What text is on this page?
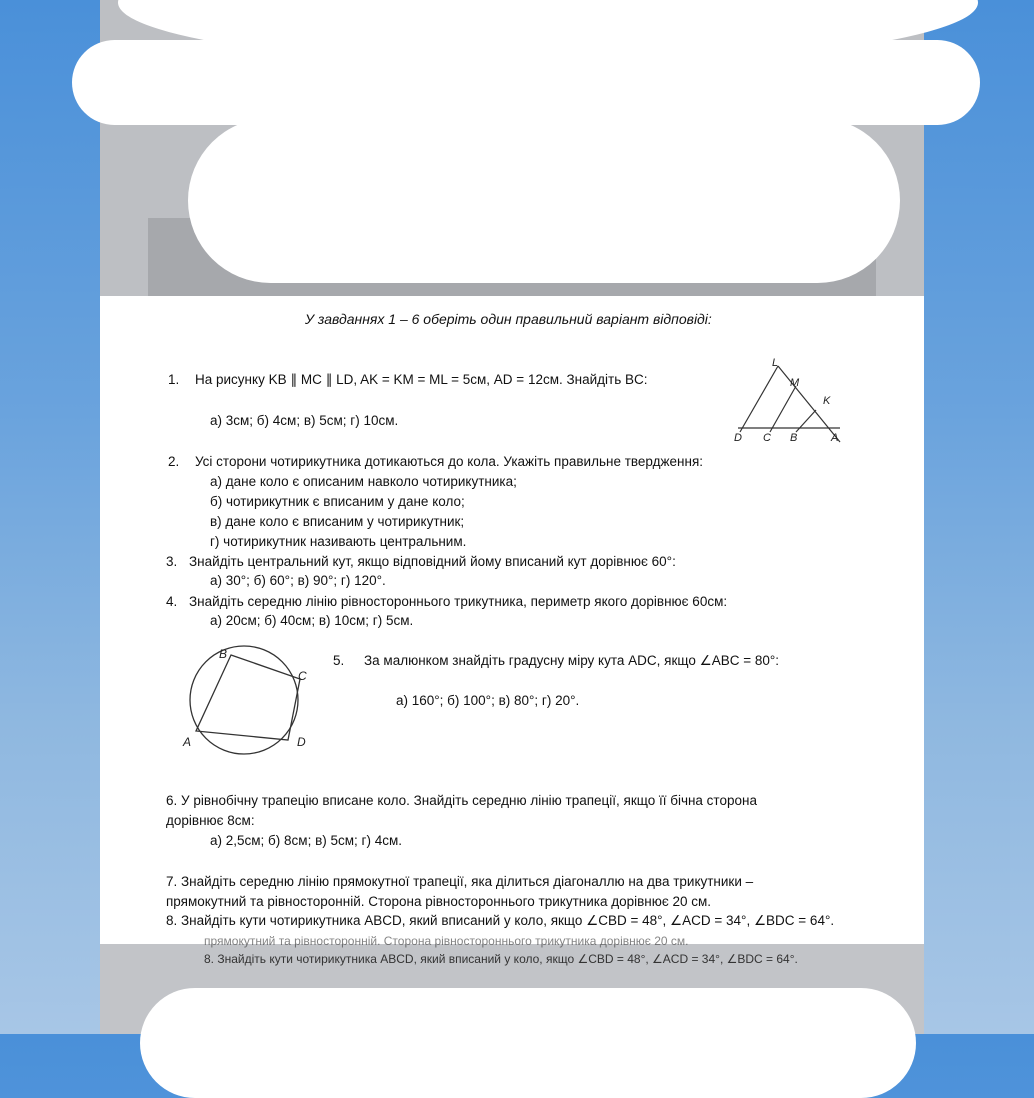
У завданнях 1 – 6 оберіть один правильний варіант відповіді:
1. На рисунку KB ∥ MC ∥ LD, AK = KM = ML = 5см, AD = 12см. Знайдіть BC:
а) 3см; б) 4см; в) 5см; г) 10см.
L
M
K
D C B	A
2. Усі сторони чотирикутника дотикаються до кола. Укажіть правильне твердження:
а) дане коло є описаним навколо чотирикутника;
б) чотирикутник є вписаним у дане коло;
в) дане коло є вписаним у чотирикутник;
г) чотирикутник називають центральним.
3. Знайдіть центральний кут, якщо відповідний йому вписаний кут дорівнює 60°:
а) 30°; б) 60°; в) 90°; г) 120°.
4. Знайдіть середню лінію рівностороннього трикутника, периметр якого дорівнює 60см:
а) 20см; б) 40см; в) 10см; г) 5см.
B
C
D
A
5. За малюнком знайдіть градусну міру кута ADC, якщо ∠ABC = 80°:
а) 160°; б) 100°; в) 80°; г) 20°.
6. У рівнобічну трапецію вписане коло. Знайдіть середню лінію трапеції, якщо її бічна сторона
дорівнює 8см:
а) 2,5см; б) 8см; в) 5см; г) 4см.
7. Знайдіть середню лінію прямокутної трапеції, яка ділиться діагоналлю на два трикутники –
прямокутний та рівносторонній. Сторона рівностороннього трикутника дорівнює 20 см.
8. Знайдіть кути чотирикутника ABCD, який вписаний у коло, якщо ∠CBD = 48°, ∠ACD = 34°, ∠BDC = 64°.
прямокутний та рівносторонній. Сторона рівностороннього трикутника дорівнює 20 см.
8. Знайдіть кути чотирикутника ABCD, який вписаний у коло, якщо ∠CBD = 48°, ∠ACD = 34°, ∠BDC = 64°.
